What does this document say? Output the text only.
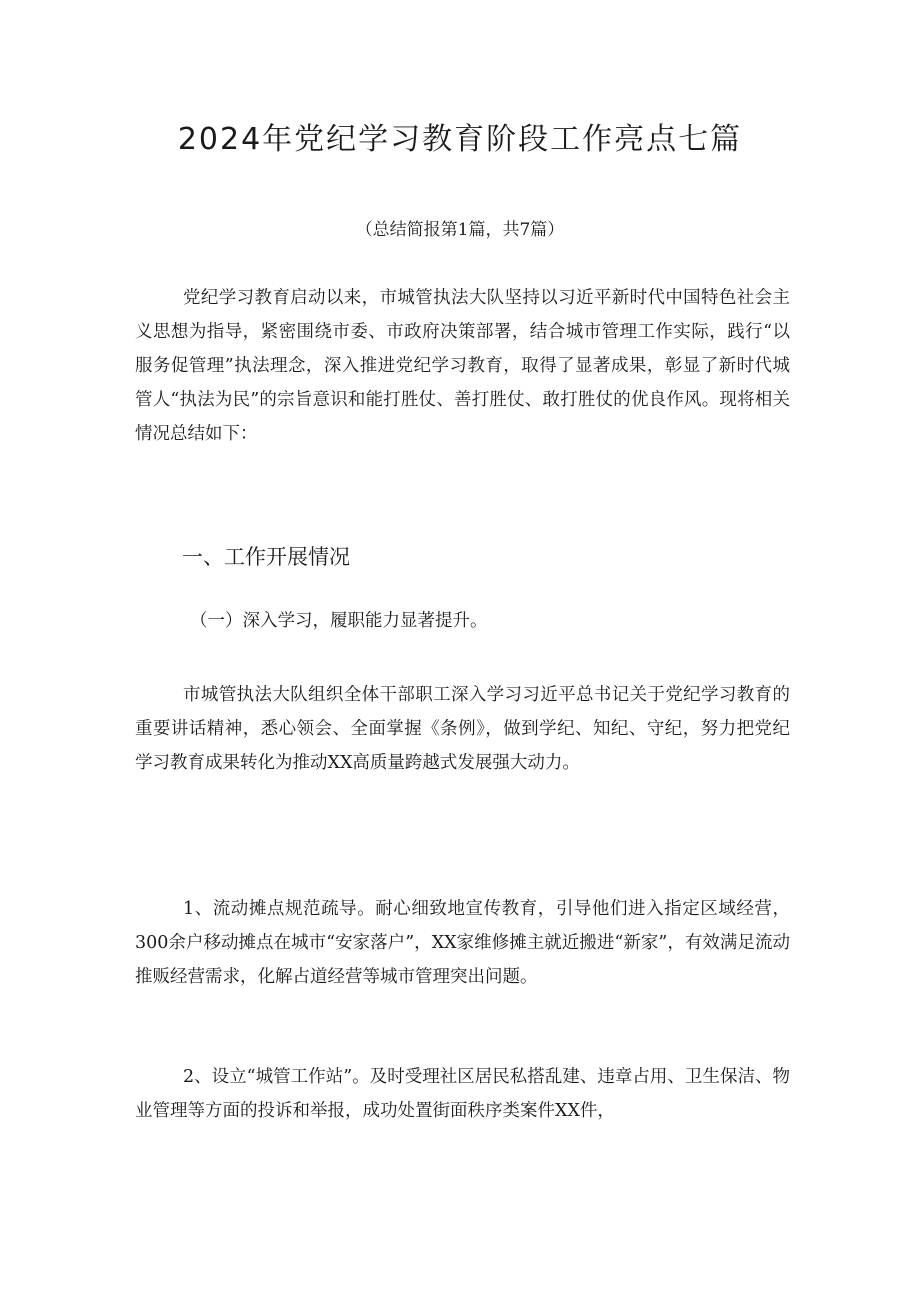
2024年党纪学习教育阶段工作亮点七篇
（总结简报第1篇，共7篇）

党纪学习教育启动以来，市城管执法大队坚持以习近平新时代中国特色社会主义思想为指导，紧密围绕市委、市政府决策部署，结合城市管理工作实际，践行“以服务促管理”执法理念，深入推进党纪学习教育，取得了显著成果，彰显了新时代城管人“执法为民”的宗旨意识和能打胜仗、善打胜仗、敢打胜仗的优良作风。现将相关情况总结如下：

一、工作开展情况
（一）深入学习，履职能力显著提升。

市城管执法大队组织全体干部职工深入学习习近平总书记关于党纪学习教育的重要讲话精神，悉心领会、全面掌握《条例》，做到学纪、知纪、守纪，努力把党纪学习教育成果转化为推动XX高质量跨越式发展强大动力。

1、流动摊点规范疏导。耐心细致地宣传教育，引导他们进入指定区域经营，300余户移动摊点在城市“安家落户”，XX家维修摊主就近搬进“新家”，有效满足流动推贩经营需求，化解占道经营等城市管理突出问题。

2、设立“城管工作站”。及时受理社区居民私搭乱建、违章占用、卫生保洁、物业管理等方面的投诉和举报，成功处置街面秩序类案件XX件，
